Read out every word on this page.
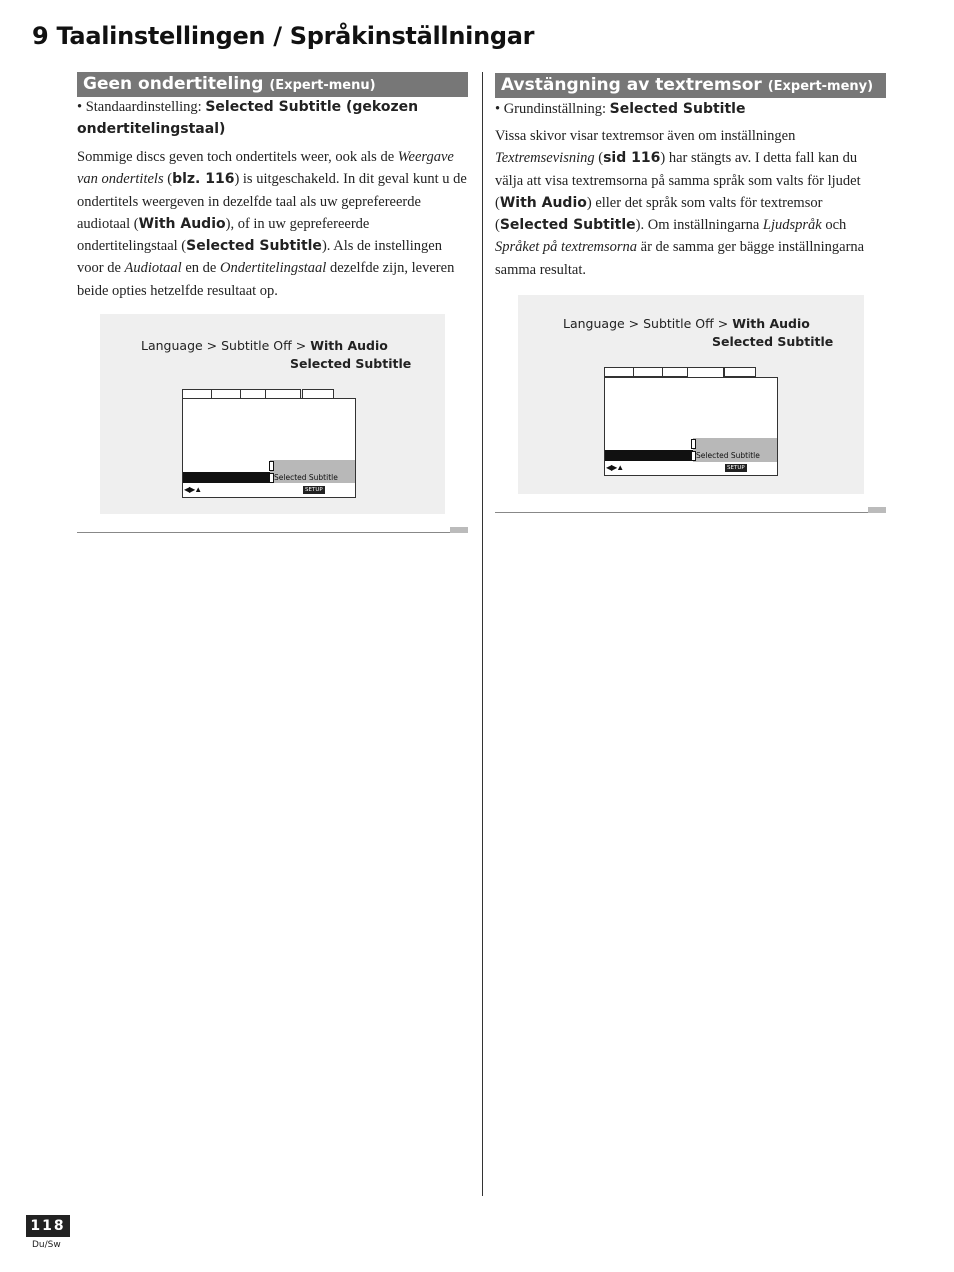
9 Taalinstellingen / Språkinställningar
Geen ondertiteling (Expert-menu)
• Standaardinstelling: Selected Subtitle (gekozen
ondertitelingstaal)
Sommige discs geven toch ondertitels weer, ook als de Weergave van ondertitels (blz. 116) is uitgeschakeld. In dit geval kunt u de ondertitels weergeven in dezelfde taal als uw geprefereerde audiotaal (With Audio), of in uw geprefereerde ondertitelingstaal (Selected Subtitle). Als de instellingen voor de Audiotaal en de Ondertitelingstaal dezelfde zijn, leveren beide opties hetzelfde resultaat op.
Language > Subtitle Off > With Audio
Selected Subtitle
Selected Subtitle
◀▶▲	SETUP
Avstängning av textremsor (Expert-meny)
• Grundinställning: Selected Subtitle
Vissa skivor visar textremsor även om inställningen Textremsevisning (sid 116) har stängts av. I detta fall kan du välja att visa textremsorna på samma språk som valts för ljudet (With Audio) eller det språk som valts för textremsor (Selected Subtitle). Om inställningarna Ljudspråk och Språket på textremsorna är de samma ger bägge inställningarna samma resultat.
Language > Subtitle Off > With Audio
Selected Subtitle
Selected Subtitle
◀▶▲	SETUP
118
Du/Sw
